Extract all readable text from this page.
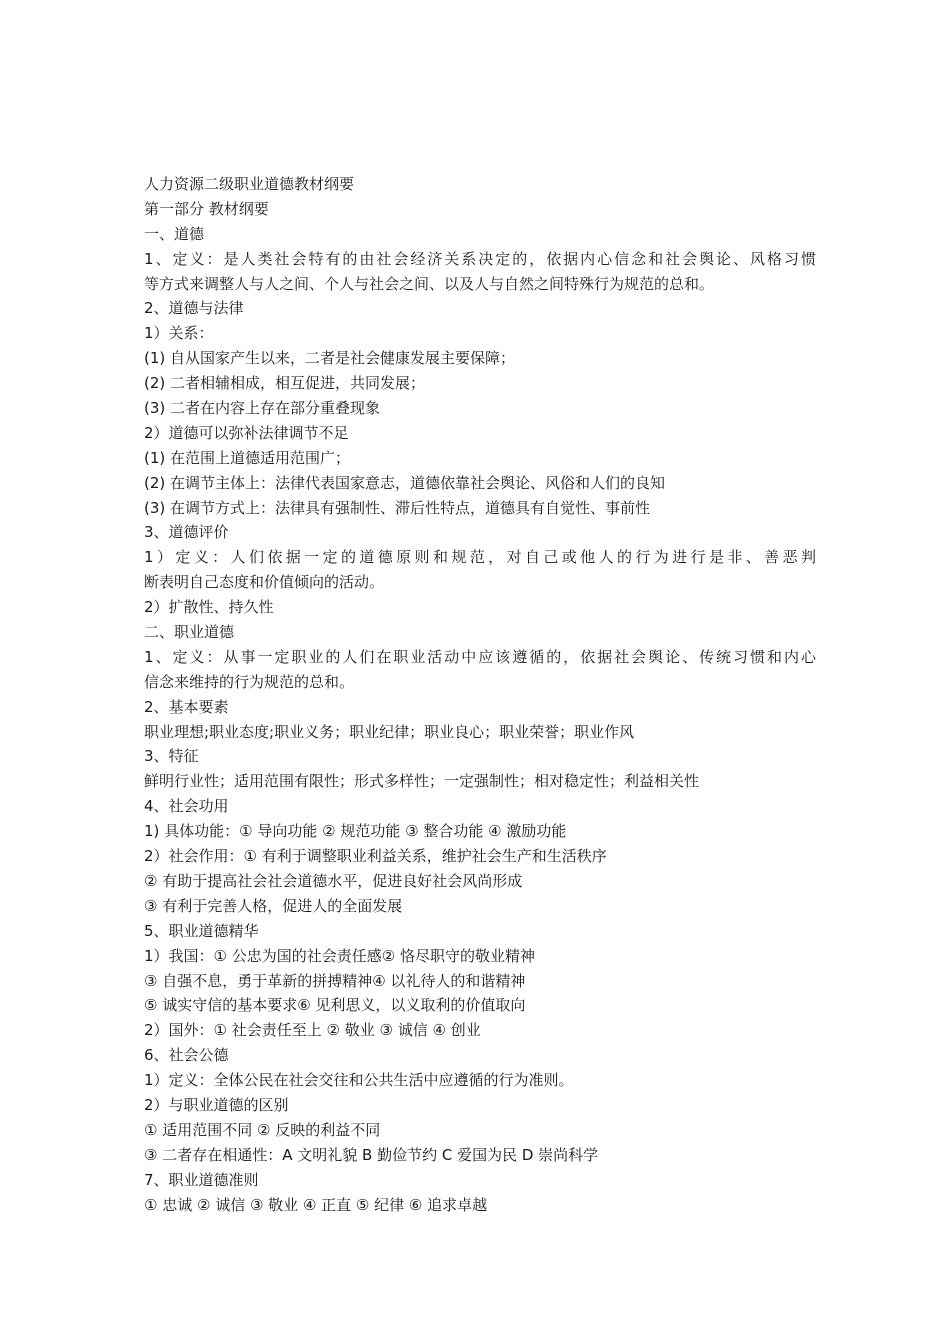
人力资源二级职业道德教材纲要
第一部分 教材纲要
一、道德
1、定义：是人类社会特有的由社会经济关系决定的，依据内心信念和社会舆论、风格习惯
等方式来调整人与人之间、个人与社会之间、以及人与自然之间特殊行为规范的总和。
2、道德与法律
1）关系：
(1) 自从国家产生以来，二者是社会健康发展主要保障；
(2) 二者相辅相成，相互促进，共同发展；
(3) 二者在内容上存在部分重叠现象
2）道德可以弥补法律调节不足
(1) 在范围上道德适用范围广；
(2) 在调节主体上：法律代表国家意志，道德依靠社会舆论、风俗和人们的良知
(3) 在调节方式上：法律具有强制性、滞后性特点，道德具有自觉性、事前性
3、道德评价
1）定义：人们依据一定的道德原则和规范，对自己或他人的行为进行是非、善恶判
断表明自己态度和价值倾向的活动。
2）扩散性、持久性
二、职业道德
1、定义：从事一定职业的人们在职业活动中应该遵循的，依据社会舆论、传统习惯和内心
信念来维持的行为规范的总和。
2、基本要素
职业理想;职业态度;职业义务；职业纪律；职业良心；职业荣誉；职业作风
3、特征
鲜明行业性；适用范围有限性；形式多样性；一定强制性；相对稳定性；利益相关性
4、社会功用
1) 具体功能：① 导向功能 ② 规范功能 ③ 整合功能 ④ 激励功能
2）社会作用：① 有利于调整职业利益关系，维护社会生产和生活秩序
② 有助于提高社会社会道德水平，促进良好社会风尚形成
③ 有利于完善人格，促进人的全面发展
5、职业道德精华
1）我国：① 公忠为国的社会责任感② 恪尽职守的敬业精神
③ 自强不息，勇于革新的拼搏精神④ 以礼待人的和谐精神
⑤ 诚实守信的基本要求⑥ 见利思义，以义取利的价值取向
2）国外：① 社会责任至上 ② 敬业 ③ 诚信 ④ 创业
6、社会公德
1）定义：全体公民在社会交往和公共生活中应遵循的行为准则。
2）与职业道德的区别
① 适用范围不同 ② 反映的利益不同
③ 二者存在相通性：A 文明礼貌 B 勤俭节约 C 爱国为民 D 崇尚科学
7、职业道德准则
① 忠诚 ② 诚信 ③ 敬业 ④ 正直 ⑤ 纪律 ⑥ 追求卓越
